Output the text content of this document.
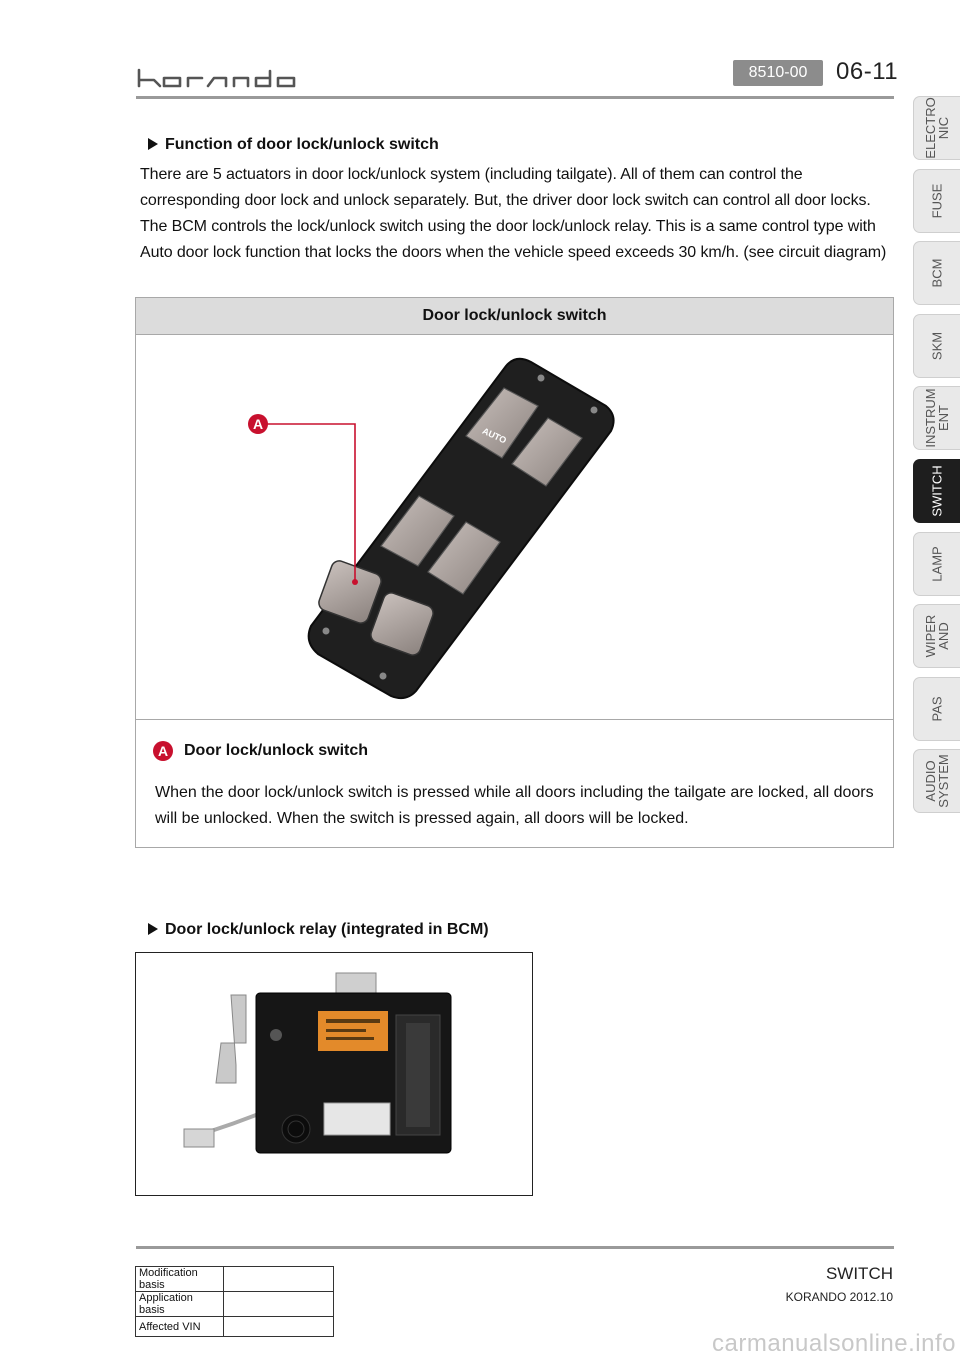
8510-00	06-11
ELECTRO
NIC
FUSE
BCM
SKM
INSTRUM
ENT
SWITCH
LAMP
WIPER
AND
PAS
AUDIO
SYSTEM
Function of door lock/unlock switch
There are 5 actuators in door lock/unlock system (including tailgate). All of them can control the corresponding door lock and unlock separately. But, the driver door lock switch can control all door locks. The BCM controls the lock/unlock switch using the door lock/unlock relay. This is a same control type with Auto door lock function that locks the doors when the vehicle speed exceeds 30 km/h. (see circuit diagram)
Door lock/unlock switch
AUTO
A
A Door lock/unlock switch
When the door lock/unlock switch is pressed while all doors including the tailgate are locked, all doors will be unlocked. When the switch is pressed again, all doors will be locked.
Door lock/unlock relay (integrated in BCM)
Modification basis	
Application basis	
Affected VIN	
SWITCH
KORANDO 2012.10
carmanualsonline.info
